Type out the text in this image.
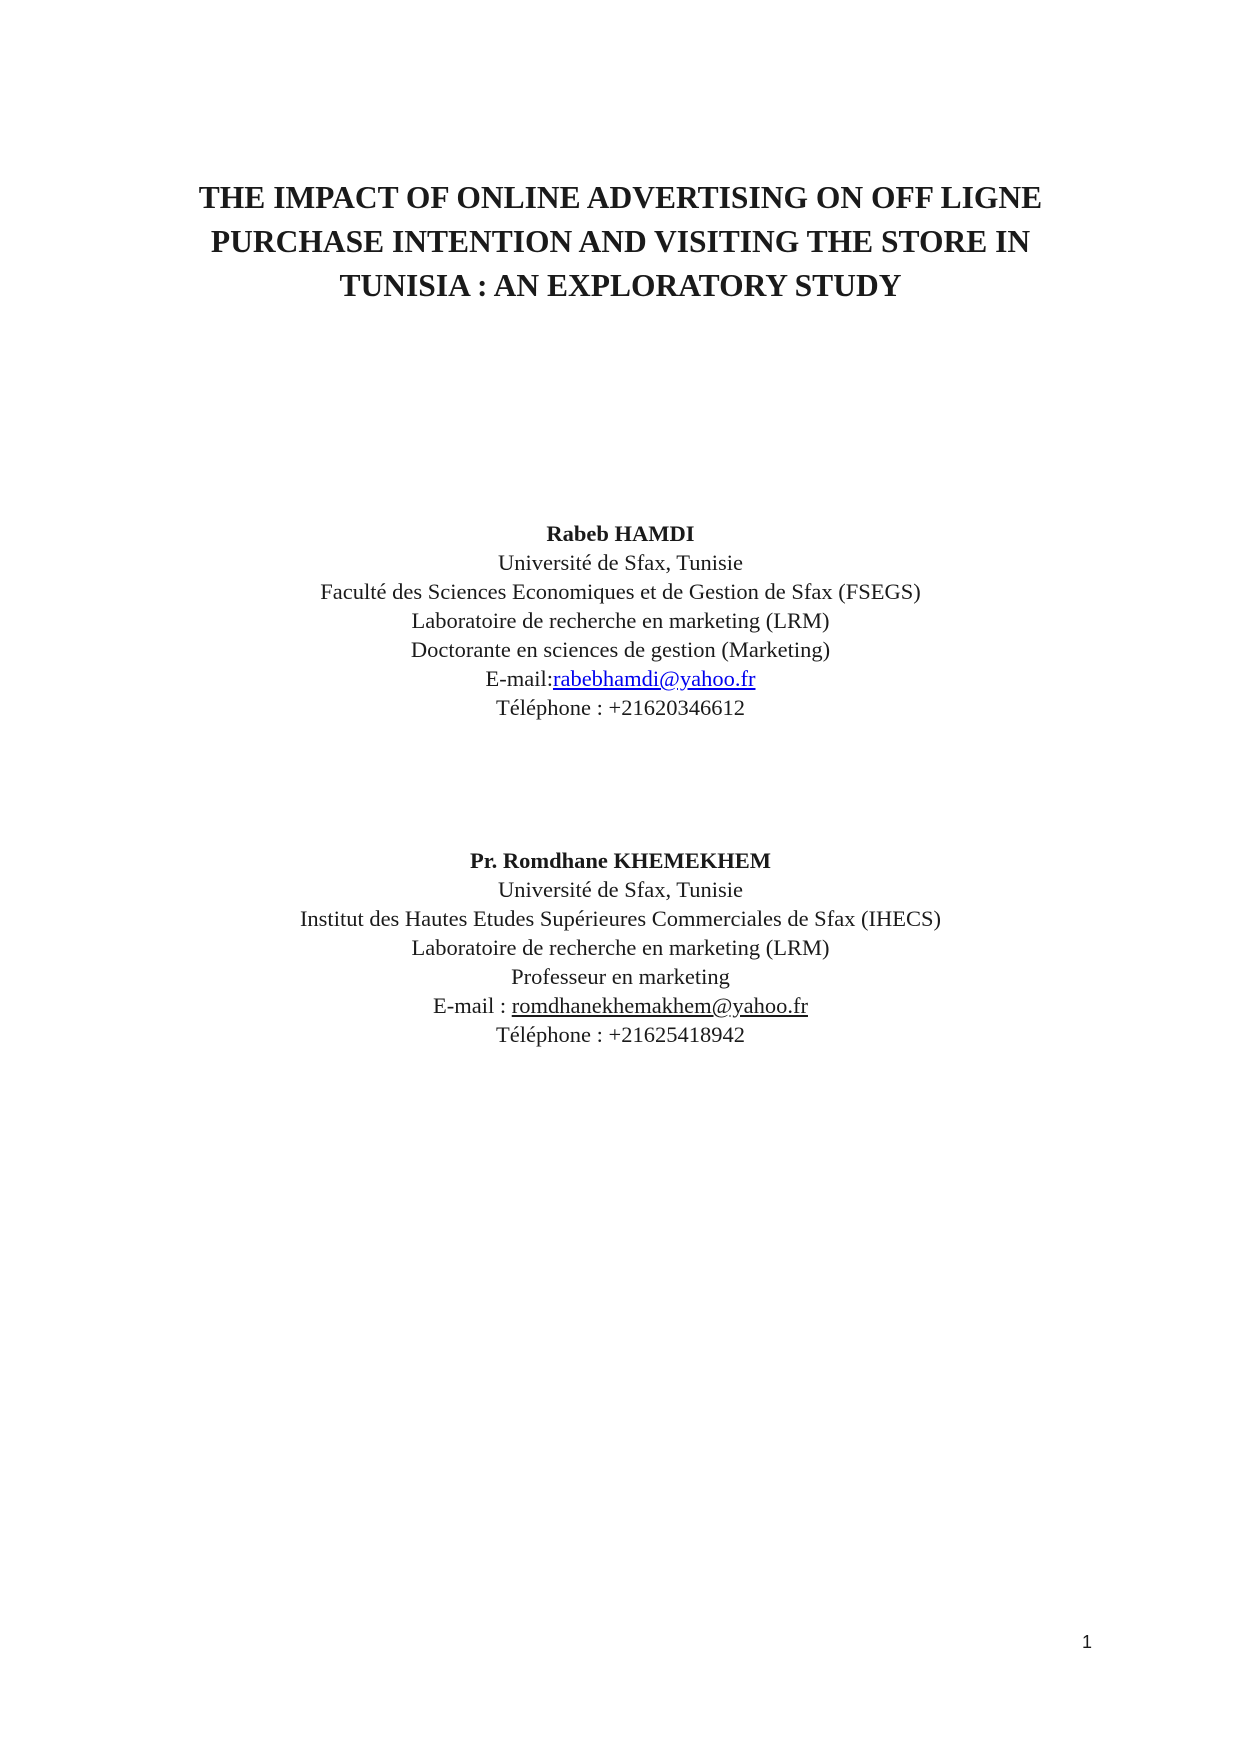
THE IMPACT OF ONLINE ADVERTISING ON OFF LIGNE
PURCHASE INTENTION AND VISITING THE STORE IN
TUNISIA : AN EXPLORATORY STUDY
Rabeb HAMDI
Université de Sfax, Tunisie
Faculté des Sciences Economiques et de Gestion de Sfax (FSEGS)
Laboratoire de recherche en marketing (LRM)
Doctorante en sciences de gestion (Marketing)
E-mail:rabebhamdi@yahoo.fr
Téléphone : +21620346612
Pr. Romdhane KHEMEKHEM
Université de Sfax, Tunisie
Institut des Hautes Etudes Supérieures Commerciales de Sfax (IHECS)
Laboratoire de recherche en marketing (LRM)
Professeur en marketing
E-mail : romdhanekhemakhem@yahoo.fr
Téléphone : +21625418942
1
